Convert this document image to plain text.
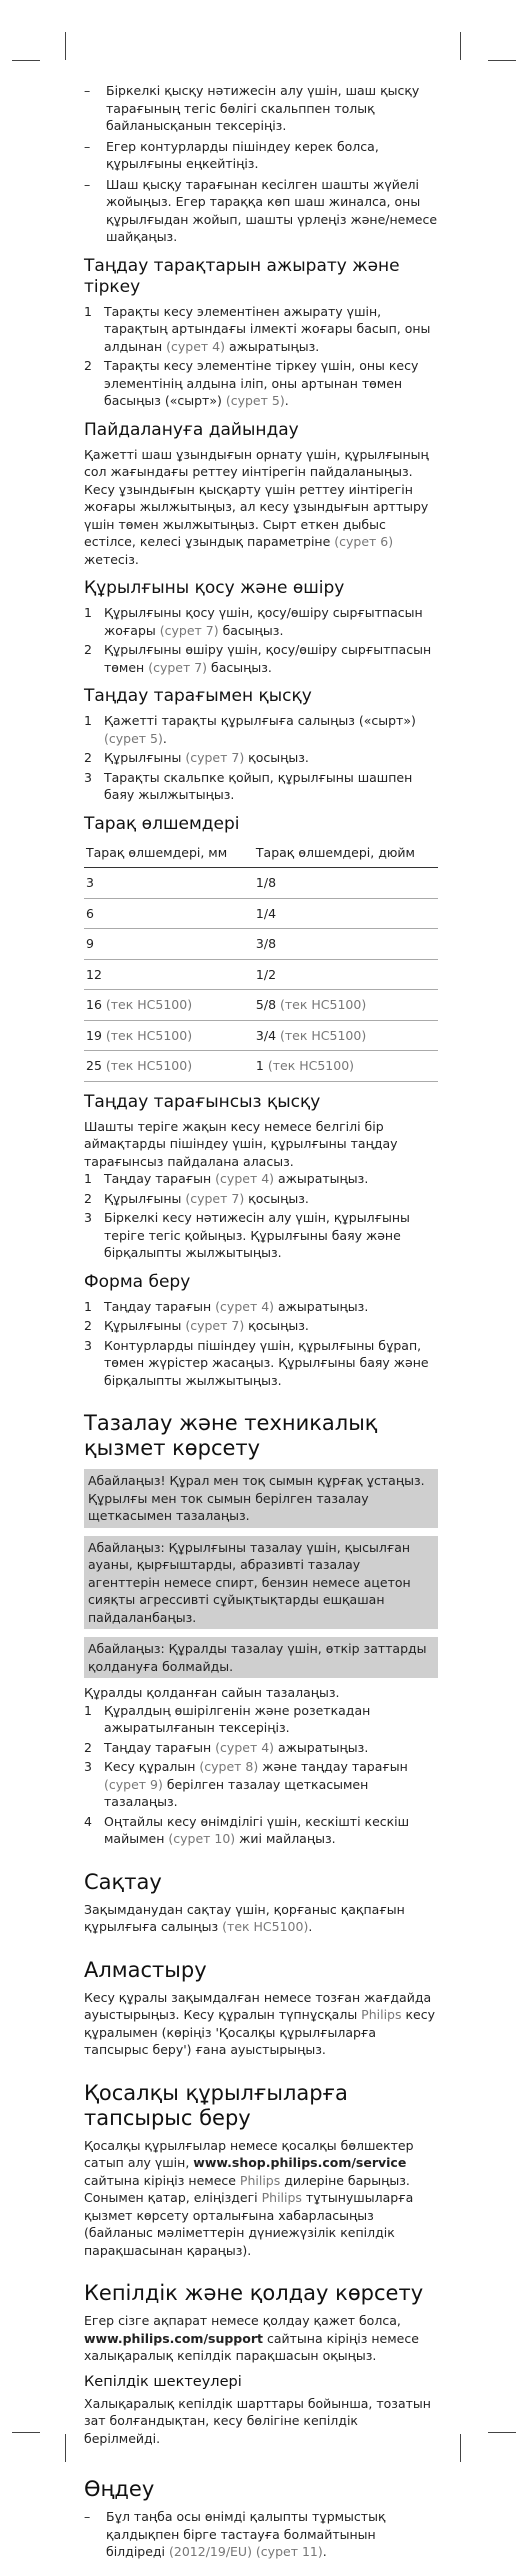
– Біркелкі қысқу нәтижесін алу үшін, шаш қысқу тарағының тегіс бөлігі скальппен толық байланысқанын тексеріңіз.

– Егер контурларды пішіндеу керек болса, құрылғыны еңкейтіңіз.

– Шаш қысқу тарағынан кесілген шашты жүйелі жойыңыз. Егер тараққа көп шаш жиналса, оны құрылғыдан жойып, шашты үрлеңіз және/немесе шайқаңыз.

Таңдау тарақтарын ажырату және тіркеу
1 Тарақты кесу элементінен ажырату үшін, тарақтың артындағы ілмекті жоғары басып, оны алдынан (сурет 4) ажыратыңыз.
2 Тарақты кесу элементіне тіркеу үшін, оны кесу элементінің алдына іліп, оны артынан төмен басыңыз («сырт») (сурет 5).
Пайдалануға дайындау

Қажетті шаш ұзындығын орнату үшін, құрылғының сол жағындағы реттеу иінтірегін пайдаланыңыз. Кесу ұзындығын қысқарту үшін реттеу иінтірегін жоғары жылжытыңыз, ал кесу ұзындығын арттыру үшін төмен жылжытыңыз. Сырт еткен дыбыс естілсе, келесі ұзындық параметріне (сурет 6) жетесіз.

Құрылғыны қосу және өшіру
1 Құрылғыны қосу үшін, қосу/өшіру сырғытпасын жоғары (сурет 7) басыңыз.
2 Құрылғыны өшіру үшін, қосу/өшіру сырғытпасын төмен (сурет 7) басыңыз.
Таңдау тарағымен қысқу
1 Қажетті тарақты құрылғыға салыңыз («сырт») (сурет 5).
2 Құрылғыны (сурет 7) қосыңыз.
3 Тарақты скальпке қойып, құрылғыны шашпен баяу жылжытыңыз.
Тарақ өлшемдері
Тарақ өлшемдері, мм	Тарақ өлшемдері, дюйм
3	1/8
6	1/4
9	3/8
12	1/2
16 (тек HC5100)	5/8 (тек HC5100)
19 (тек HC5100)	3/4 (тек HC5100)
25 (тек HC5100)	1 (тек HC5100)
Таңдау тарағынсыз қысқу

Шашты теріге жақын кесу немесе белгілі бір аймақтарды пішіндеу үшін, құрылғыны таңдау тарағынсыз пайдалана аласыз.

1 Таңдау тарағын (сурет 4) ажыратыңыз.
2 Құрылғыны (сурет 7) қосыңыз.
3 Біркелкі кесу нәтижесін алу үшін, құрылғыны теріге тегіс қойыңыз. Құрылғыны баяу және бірқалыпты жылжытыңыз.
Форма беру
1 Таңдау тарағын (сурет 4) ажыратыңыз.
2 Құрылғыны (сурет 7) қосыңыз.
3 Контурларды пішіндеу үшін, құрылғыны бұрап, төмен жүрістер жасаңыз. Құрылғыны баяу және бірқалыпты жылжытыңыз.
Тазалау және техникалық қызмет көрсету
Абайлаңыз! Құрал мен тоқ сымын құрғақ ұстаңыз. Құрылғы мен ток сымын берілген тазалау щеткасымен тазалаңыз.
Абайлаңыз: Құрылғыны тазалау үшін, қысылған ауаны, қырғыштарды, абразивті тазалау агенттерін немесе спирт, бензин немесе ацетон сияқты агрессивті сұйықтықтарды ешқашан пайдаланбаңыз.
Абайлаңыз: Құралды тазалау үшін, өткір заттарды қолдануға болмайды.

Құралды қолданған сайын тазалаңыз.

1 Құралдың өшірілгенін және розеткадан ажыратылғанын тексеріңіз.
2 Таңдау тарағын (сурет 4) ажыратыңыз.
3 Кесу құралын (сурет 8) және таңдау тарағын (сурет 9) берілген тазалау щеткасымен тазалаңыз.
4 Оңтайлы кесу өнімділігі үшін, кескішті кескіш майымен (сурет 10) жиі майлаңыз.
Сақтау

Зақымданудан сақтау үшін, қорғаныс қақпағын құрылғыға салыңыз (тек HC5100).

Алмастыру

Кесу құралы зақымдалған немесе тозған жағдайда ауыстырыңыз. Кесу құралын түпнұсқалы Philips кесу құралымен (көріңіз 'Қосалқы құрылғыларға тапсырыс беру') ғана ауыстырыңыз.

Қосалқы құрылғыларға тапсырыс беру

Қосалқы құрылғылар немесе қосалқы бөлшектер сатып алу үшін, www.shop.philips.com/service сайтына кіріңіз немесе Philips дилеріне барыңыз. Сонымен қатар, еліңіздегі Philips тұтынушыларға қызмет көрсету орталығына хабарласыңыз (байланыс мәліметтерін дүниежүзілік кепілдік парақшасынан қараңыз).

Кепілдік және қолдау көрсету

Егер сізге ақпарат немесе қолдау қажет болса, www.philips.com/support сайтына кіріңіз немесе халықаралық кепілдік парақшасын оқыңыз.

Кепілдік шектеулері

Халықаралық кепілдік шарттары бойынша, тозатын зат болғандықтан, кесу бөлігіне кепілдік берілмейді.

Өңдеу

– Бұл таңба осы өнімді қалыпты тұрмыстық қалдықпен бірге тастауға болмайтынын білдіреді (2012/19/EU) (сурет 11).
